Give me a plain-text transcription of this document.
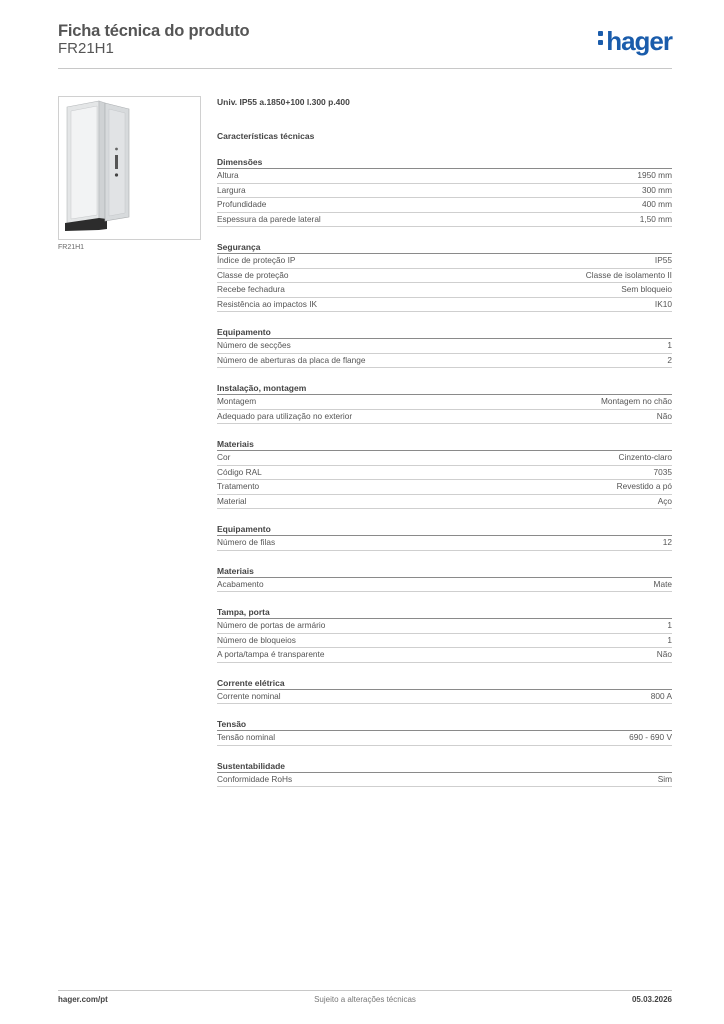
Ficha técnica do produto
FR21H1	hager
FR21H1
Univ. IP55 a.1850+100 l.300 p.400
Características técnicas
Dimensões
Altura	1950 mm
Largura	300 mm
Profundidade	400 mm
Espessura da parede lateral	1,50 mm
Segurança
Índice de proteção IP	IP55
Classe de proteção	Classe de isolamento II
Recebe fechadura	Sem bloqueio
Resistência ao impactos IK	IK10
Equipamento
Número de secções	1
Número de aberturas da placa de flange	2
Instalação, montagem
Montagem	Montagem no chão
Adequado para utilização no exterior	Não
Materiais
Cor	Cinzento-claro
Código RAL	7035
Tratamento	Revestido a pó
Material	Aço
Equipamento
Número de filas	12
Materiais
Acabamento	Mate
Tampa, porta
Número de portas de armário	1
Número de bloqueios	1
A porta/tampa é transparente	Não
Corrente elétrica
Corrente nominal	800 A
Tensão
Tensão nominal	690 - 690 V
Sustentabilidade
Conformidade RoHs	Sim
hager.com/pt	Sujeito a alterações técnicas	05.03.2026
